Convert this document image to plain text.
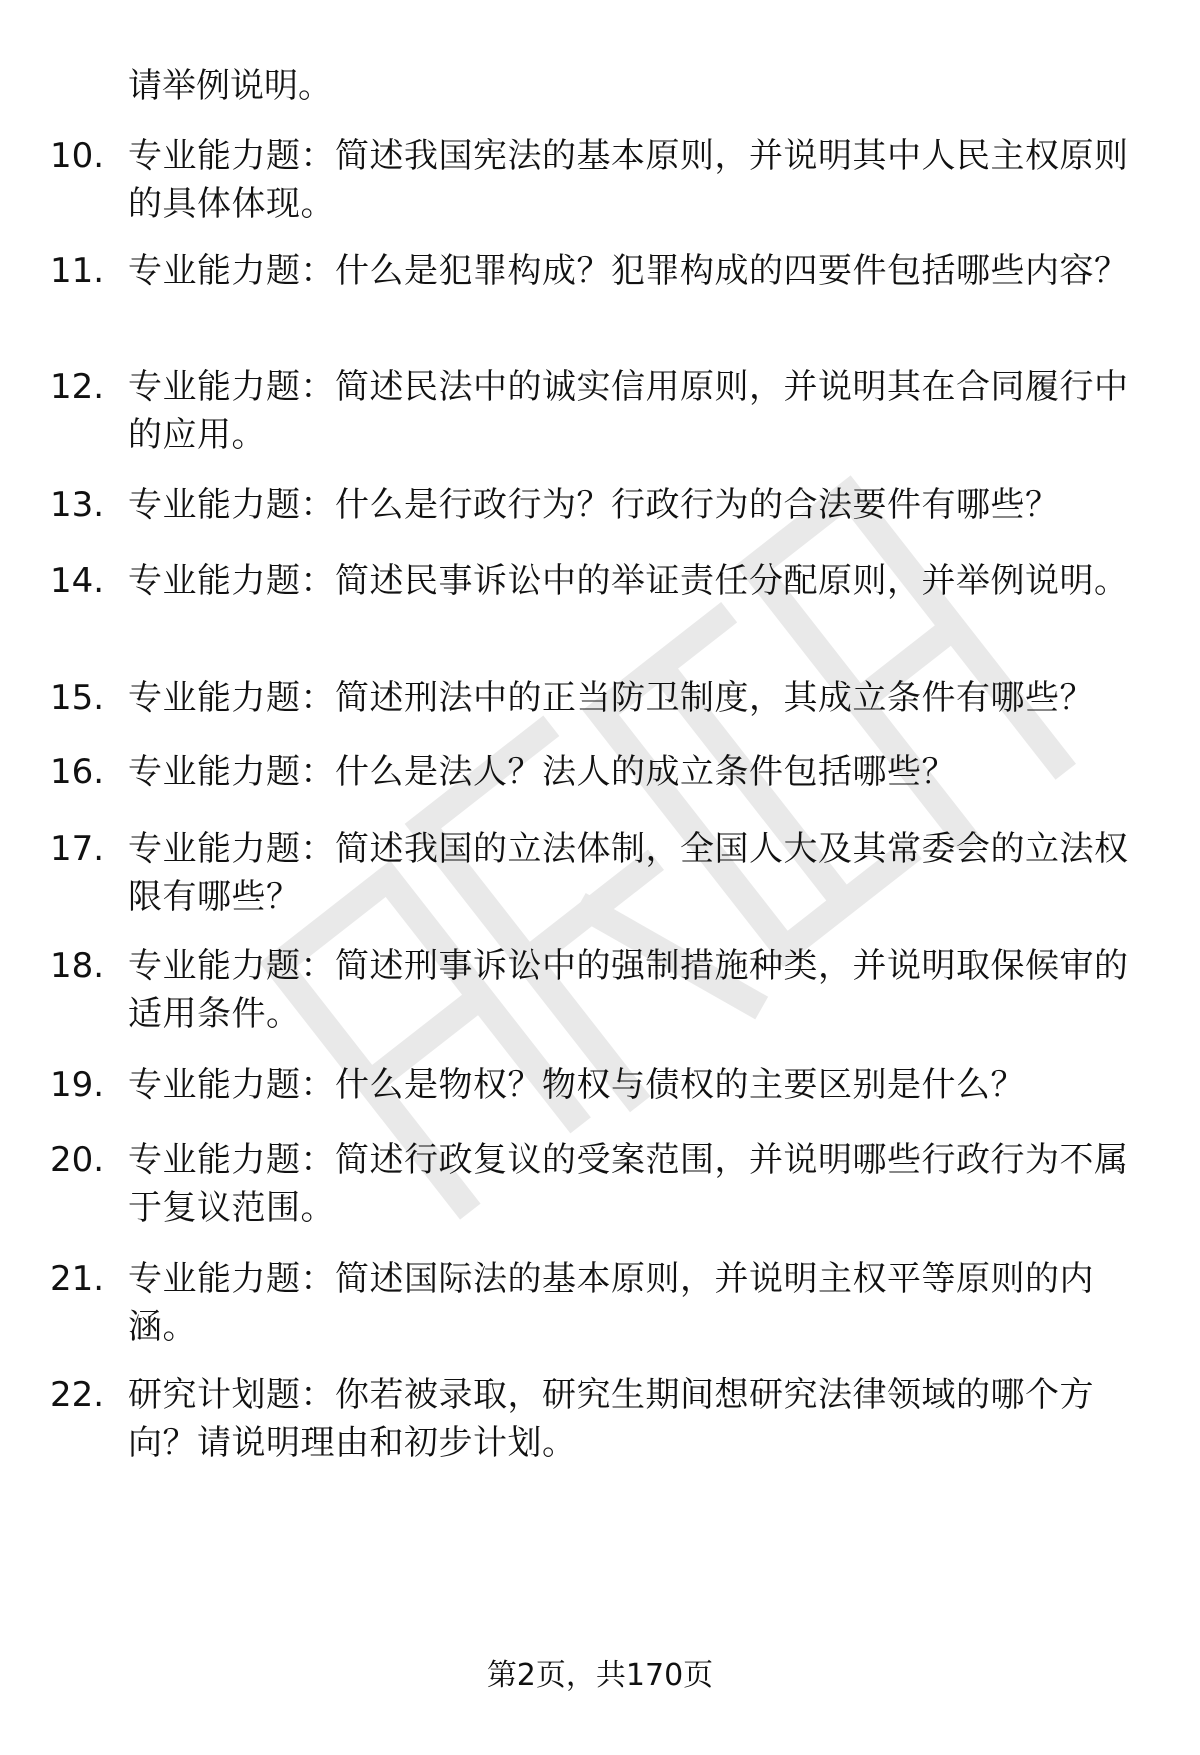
请举例说明。
10. 专业能力题：简述我国宪法的基本原则，并说明其中人民主权原则的具体体现。
11. 专业能力题：什么是犯罪构成？犯罪构成的四要件包括哪些内容？
12. 专业能力题：简述民法中的诚实信用原则，并说明其在合同履行中的应用。
13. 专业能力题：什么是行政行为？行政行为的合法要件有哪些？
14. 专业能力题：简述民事诉讼中的举证责任分配原则，并举例说明。
15. 专业能力题：简述刑法中的正当防卫制度，其成立条件有哪些？
16. 专业能力题：什么是法人？法人的成立条件包括哪些？
17. 专业能力题：简述我国的立法体制，全国人大及其常委会的立法权限有哪些？
18. 专业能力题：简述刑事诉讼中的强制措施种类，并说明取保候审的适用条件。
19. 专业能力题：什么是物权？物权与债权的主要区别是什么？
20. 专业能力题：简述行政复议的受案范围，并说明哪些行政行为不属于复议范围。
21. 专业能力题：简述国际法的基本原则，并说明主权平等原则的内涵。
22. 研究计划题：你若被录取，研究生期间想研究法律领域的哪个方向？请说明理由和初步计划。
第2页，共170页
